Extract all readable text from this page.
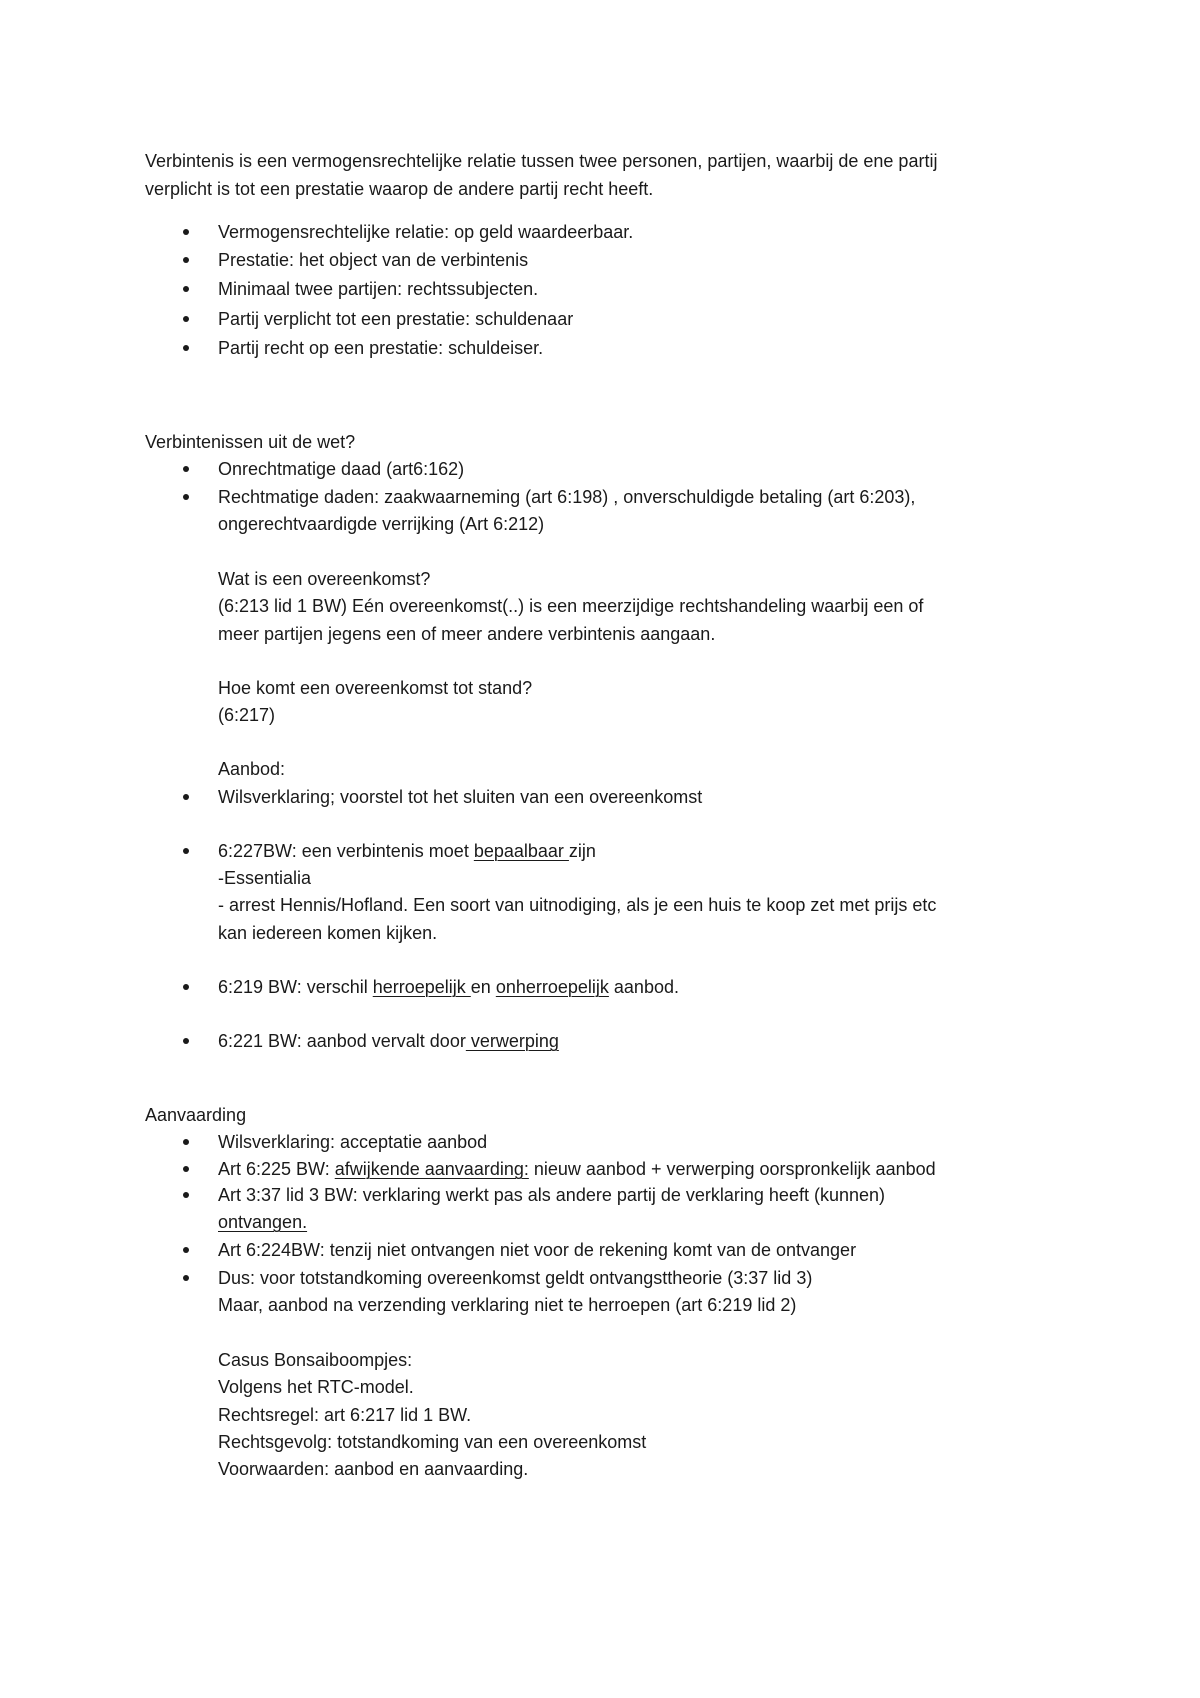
Verbintenis is een vermogensrechtelijke relatie tussen twee personen, partijen, waarbij de ene partij
verplicht is tot een prestatie waarop de andere partij recht heeft.
Vermogensrechtelijke relatie: op geld waardeerbaar.
Prestatie: het object van de verbintenis
Minimaal twee partijen: rechtssubjecten.
Partij verplicht tot een prestatie: schuldenaar
Partij recht op een prestatie: schuldeiser.
Verbintenissen uit de wet?
Onrechtmatige daad (art6:162)
Rechtmatige daden: zaakwaarneming (art 6:198) , onverschuldigde betaling (art 6:203),
ongerechtvaardigde verrijking (Art 6:212)
Wat is een overeenkomst?
(6:213 lid 1 BW) Eén overeenkomst(..) is een meerzijdige rechtshandeling waarbij een of
meer partijen jegens een of meer andere verbintenis aangaan.
Hoe komt een overeenkomst tot stand?
(6:217)
Aanbod:
Wilsverklaring; voorstel tot het sluiten van een overeenkomst
6:227BW: een verbintenis moet bepaalbaar zijn
-Essentialia
- arrest Hennis/Hofland. Een soort van uitnodiging, als je een huis te koop zet met prijs etc
kan iedereen komen kijken.
6:219 BW: verschil herroepelijk en onherroepelijk aanbod.
6:221 BW: aanbod vervalt door verwerping
Aanvaarding
Wilsverklaring: acceptatie aanbod
Art 6:225 BW: afwijkende aanvaarding: nieuw aanbod + verwerping oorspronkelijk aanbod
Art 3:37 lid 3 BW: verklaring werkt pas als andere partij de verklaring heeft (kunnen)
ontvangen.
Art 6:224BW: tenzij niet ontvangen niet voor de rekening komt van de ontvanger
Dus: voor totstandkoming overeenkomst geldt ontvangsttheorie (3:37 lid 3)
Maar, aanbod na verzending verklaring niet te herroepen (art 6:219 lid 2)
Casus Bonsaiboompjes:
Volgens het RTC-model.
Rechtsregel: art 6:217 lid 1 BW.
Rechtsgevolg: totstandkoming van een overeenkomst
Voorwaarden: aanbod en aanvaarding.
